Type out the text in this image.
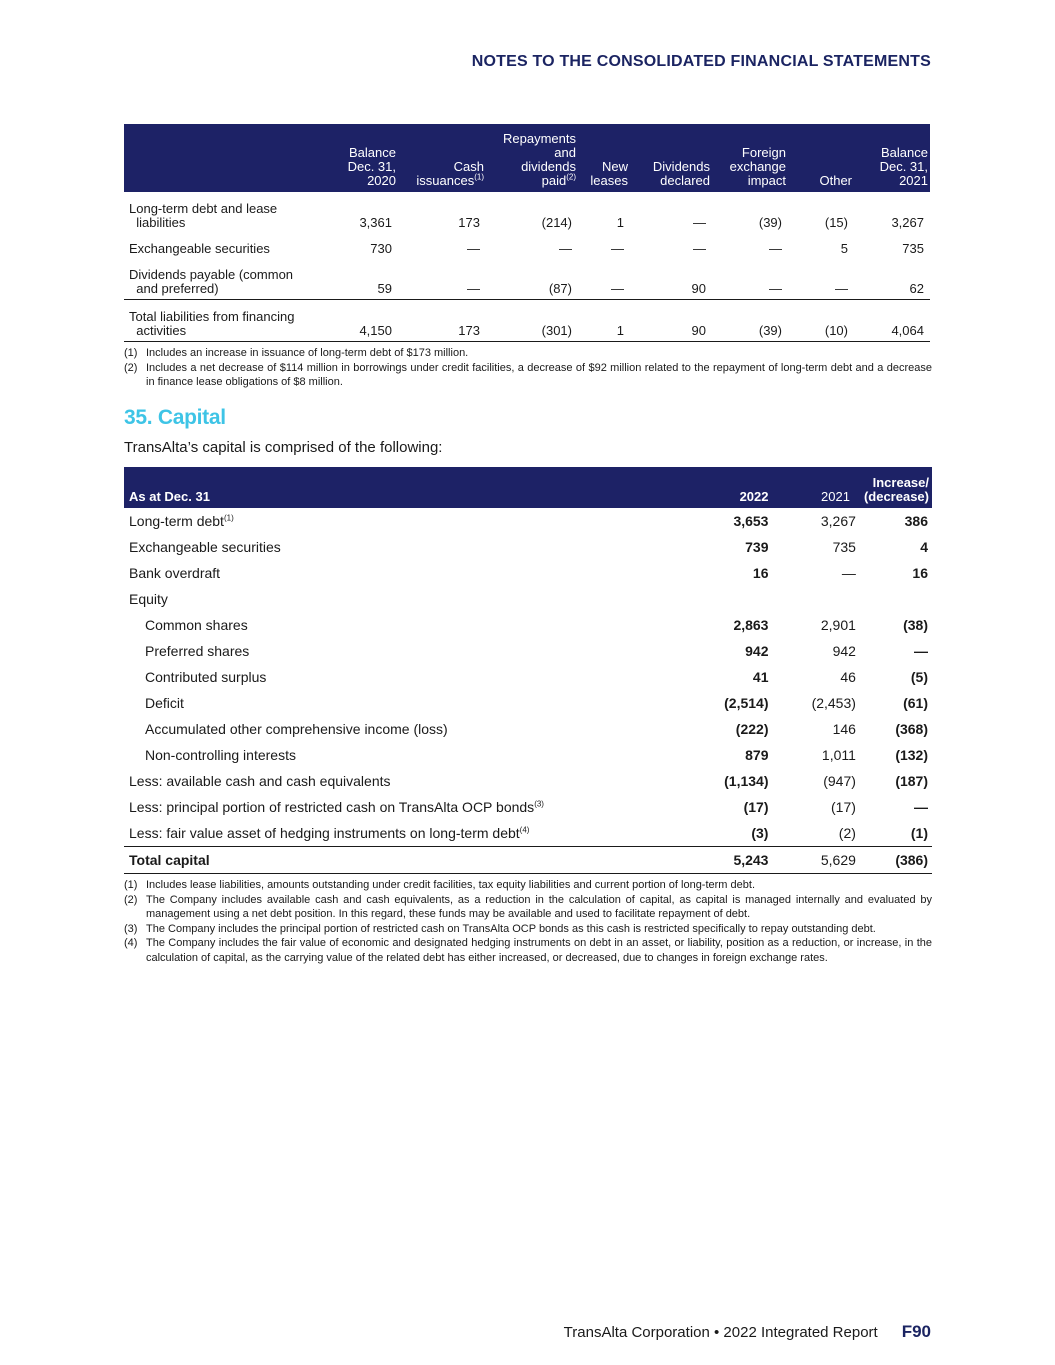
NOTES TO THE CONSOLIDATED FINANCIAL STATEMENTS
	Balance
Dec. 31,
2020	Cash
issuances$^{(1)}$	Repayments
and
dividends
paid$^{(2)}$	New
leases	Dividends
declared	Foreign
exchange
impact	Other	Balance
Dec. 31,
2021
Long-term debt and lease
liabilities	3,361	173	(214)	1	—	(39)	(15)	3,267
Exchangeable securities	730	—	—	—	—	—	5	735
Dividends payable (common
and preferred)	59	—	(87)	—	90	—	—	62
Total liabilities from financing
activities	4,150	173	(301)	1	90	(39)	(10)	4,064
(1) Includes an increase in issuance of long-term debt of $173 million.
(2) Includes a net decrease of $114 million in borrowings under credit facilities, a decrease of $92 million related to the repayment of long-term debt and a decrease in finance lease obligations of $8 million.
35. Capital
TransAlta’s capital is comprised of the following:
As at Dec. 31	2022	2021	Increase/
(decrease)
Long-term debt$^{(1)}$	3,653	3,267	386
Exchangeable securities	739	735	4
Bank overdraft	16	—	16
Equity			
Common shares	2,863	2,901	(38)
Preferred shares	942	942	—
Contributed surplus	41	46	(5)
Deficit	(2,514)	(2,453)	(61)
Accumulated other comprehensive income (loss)	(222)	146	(368)
Non-controlling interests	879	1,011	(132)
Less: available cash and cash equivalents	(1,134)	(947)	(187)
Less: principal portion of restricted cash on TransAlta OCP bonds$^{(3)}$	(17)	(17)	—
Less: fair value asset of hedging instruments on long-term debt$^{(4)}$	(3)	(2)	(1)
Total capital	5,243	5,629	(386)
(1) Includes lease liabilities, amounts outstanding under credit facilities, tax equity liabilities and current portion of long-term debt.
(2) The Company includes available cash and cash equivalents, as a reduction in the calculation of capital, as capital is managed internally and evaluated by management using a net debt position. In this regard, these funds may be available and used to facilitate repayment of debt.
(3) The Company includes the principal portion of restricted cash on TransAlta OCP bonds as this cash is restricted specifically to repay outstanding debt.
(4) The Company includes the fair value of economic and designated hedging instruments on debt in an asset, or liability, position as a reduction, or increase, in the calculation of capital, as the carrying value of the related debt has either increased, or decreased, due to changes in foreign exchange rates.
TransAlta Corporation • 2022 Integrated Report F90
